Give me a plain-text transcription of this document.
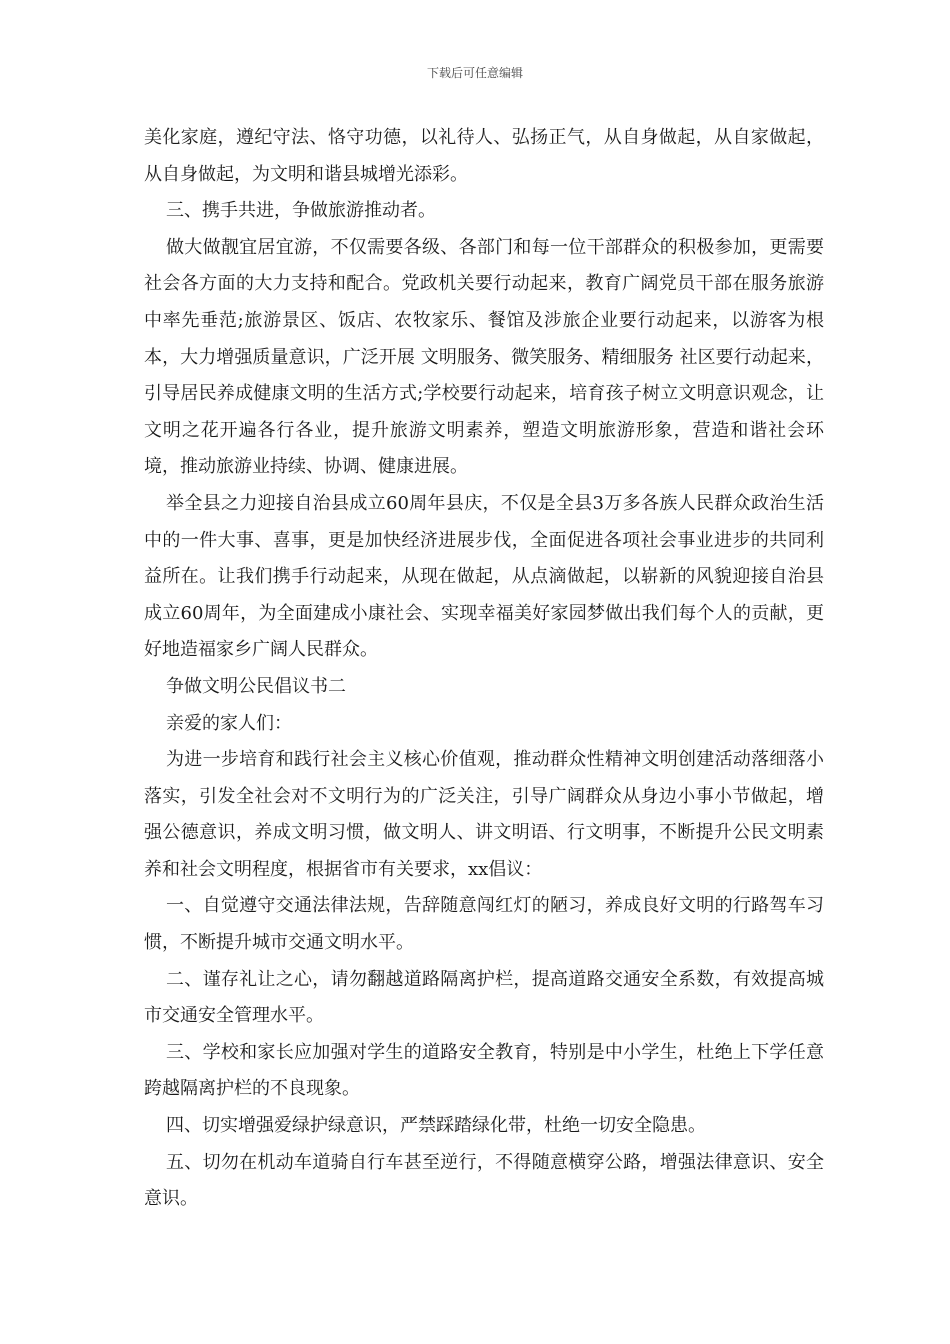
下载后可任意编辑

美化家庭，遵纪守法、恪守功德，以礼待人、弘扬正气，从自身做起，从自家做起，从自身做起，为文明和谐县城增光添彩。

三、携手共进，争做旅游推动者。

做大做靓宜居宜游，不仅需要各级、各部门和每一位干部群众的积极参加，更需要社会各方面的大力支持和配合。党政机关要行动起来，教育广阔党员干部在服务旅游中率先垂范;旅游景区、饭店、农牧家乐、餐馆及涉旅企业要行动起来，以游客为根本，大力增强质量意识，广泛开展 文明服务、微笑服务、精细服务 社区要行动起来，引导居民养成健康文明的生活方式;学校要行动起来，培育孩子树立文明意识观念，让文明之花开遍各行各业，提升旅游文明素养，塑造文明旅游形象，营造和谐社会环境，推动旅游业持续、协调、健康进展。

举全县之力迎接自治县成立60周年县庆，不仅是全县3万多各族人民群众政治生活中的一件大事、喜事，更是加快经济进展步伐，全面促进各项社会事业进步的共同利益所在。让我们携手行动起来，从现在做起，从点滴做起，以崭新的风貌迎接自治县成立60周年，为全面建成小康社会、实现幸福美好家园梦做出我们每个人的贡献，更好地造福家乡广阔人民群众。

争做文明公民倡议书二

亲爱的家人们：

为进一步培育和践行社会主义核心价值观，推动群众性精神文明创建活动落细落小落实，引发全社会对不文明行为的广泛关注，引导广阔群众从身边小事小节做起，增强公德意识，养成文明习惯，做文明人、讲文明语、行文明事，不断提升公民文明素养和社会文明程度，根据省市有关要求，xx倡议：

一、自觉遵守交通法律法规，告辞随意闯红灯的陋习，养成良好文明的行路驾车习惯，不断提升城市交通文明水平。

二、谨存礼让之心，请勿翻越道路隔离护栏，提高道路交通安全系数，有效提高城市交通安全管理水平。

三、学校和家长应加强对学生的道路安全教育，特别是中小学生，杜绝上下学任意跨越隔离护栏的不良现象。

四、切实增强爱绿护绿意识，严禁踩踏绿化带，杜绝一切安全隐患。

五、切勿在机动车道骑自行车甚至逆行，不得随意横穿公路，增强法律意识、安全意识。
